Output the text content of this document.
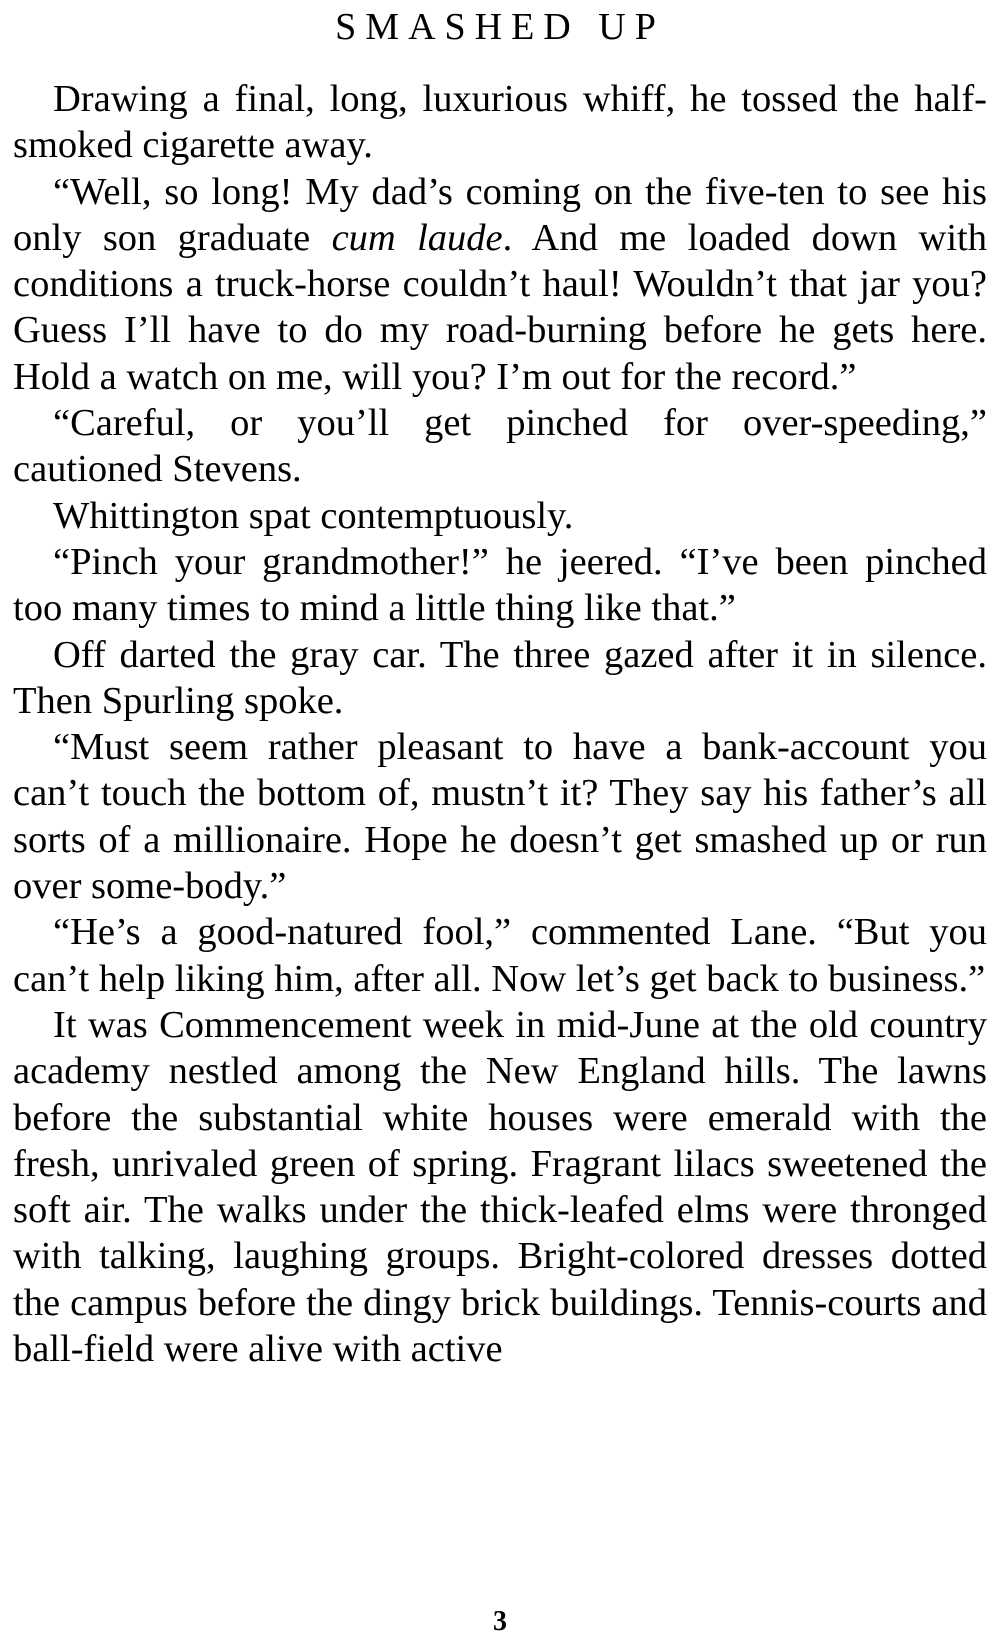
SMASHED UP

Drawing a final, long, luxurious whiff, he tossed the half-smoked cigarette away.

“Well, so long! My dad’s coming on the five-ten to see his only son graduate cum laude. And me loaded down with conditions a truck-horse couldn’t haul! Wouldn’t that jar you? Guess I’ll have to do my road-burning before he gets here. Hold a watch on me, will you? I’m out for the record.”

“Careful, or you’ll get pinched for over-speeding,” cautioned Stevens.

Whittington spat contemptuously.

“Pinch your grandmother!” he jeered. “I’ve been pinched too many times to mind a little thing like that.”

Off darted the gray car. The three gazed after it in silence. Then Spurling spoke.

“Must seem rather pleasant to have a bank-account you can’t touch the bottom of, mustn’t it? They say his father’s all sorts of a millionaire. Hope he doesn’t get smashed up or run over some-body.”

“He’s a good-natured fool,” commented Lane. “But you can’t help liking him, after all. Now let’s get back to business.”

It was Commencement week in mid-June at the old country academy nestled among the New England hills. The lawns before the substantial white houses were emerald with the fresh, unrivaled green of spring. Fragrant lilacs sweetened the soft air. The walks under the thick-leafed elms were thronged with talking, laughing groups. Bright-colored dresses dotted the campus before the dingy brick buildings. Tennis-courts and ball-field were alive with active

3
